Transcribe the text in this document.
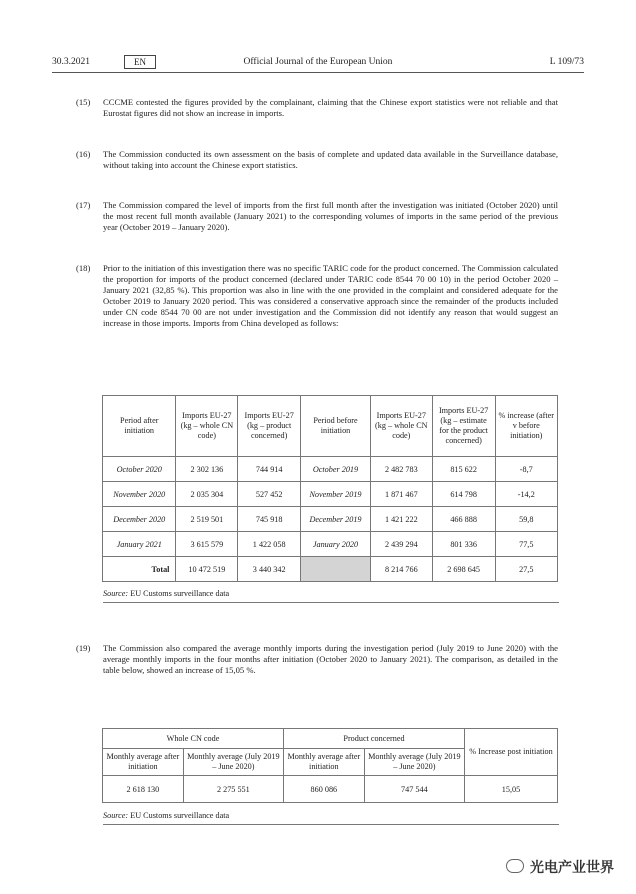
30.3.2021	EN	Official Journal of the European Union	L 109/73
(15) CCCME contested the figures provided by the complainant, claiming that the Chinese export statistics were not reliable and that Eurostat figures did not show an increase in imports.
(16) The Commission conducted its own assessment on the basis of complete and updated data available in the Surveillance database, without taking into account the Chinese export statistics.
(17) The Commission compared the level of imports from the first full month after the investigation was initiated (October 2020) until the most recent full month available (January 2021) to the corresponding volumes of imports in the same period of the previous year (October 2019 – January 2020).
(18) Prior to the initiation of this investigation there was no specific TARIC code for the product concerned. The Commission calculated the proportion for imports of the product concerned (declared under TARIC code 8544 70 00 10) in the period October 2020 – January 2021 (32,85 %). This proportion was also in line with the one provided in the complaint and considered adequate for the October 2019 to January 2020 period. This was considered a conservative approach since the remainder of the products included under CN code 8544 70 00 are not under investigation and the Commission did not identify any reason that would suggest an increase in those imports. Imports from China developed as follows:
Period after initiation	Imports EU-27 (kg – whole CN code)	Imports EU-27 (kg – product concerned)	Period before initiation	Imports EU-27 (kg – whole CN code)	Imports EU-27 (kg – estimate for the product concerned)	% increase (after v before initiation)
October 2020	2 302 136	744 914	October 2019	2 482 783	815 622	-8,7
November 2020	2 035 304	527 452	November 2019	1 871 467	614 798	-14,2
December 2020	2 519 501	745 918	December 2019	1 421 222	466 888	59,8
January 2021	3 615 579	1 422 058	January 2020	2 439 294	801 336	77,5
Total	10 472 519	3 440 342		8 214 766	2 698 645	27,5
Source: EU Customs surveillance data
(19) The Commission also compared the average monthly imports during the investigation period (July 2019 to June 2020) with the average monthly imports in the four months after initiation (October 2020 to January 2021). The comparison, as detailed in the table below, showed an increase of 15,05 %.
Whole CN code		Product concerned		% Increase post initiation
Monthly average after initiation	Monthly average (July 2019 – June 2020)	Monthly average after initiation	Monthly average (July 2019 – June 2020)	
2 618 130	2 275 551	860 086	747 544	15,05
Source: EU Customs surveillance data
光电产业世界
